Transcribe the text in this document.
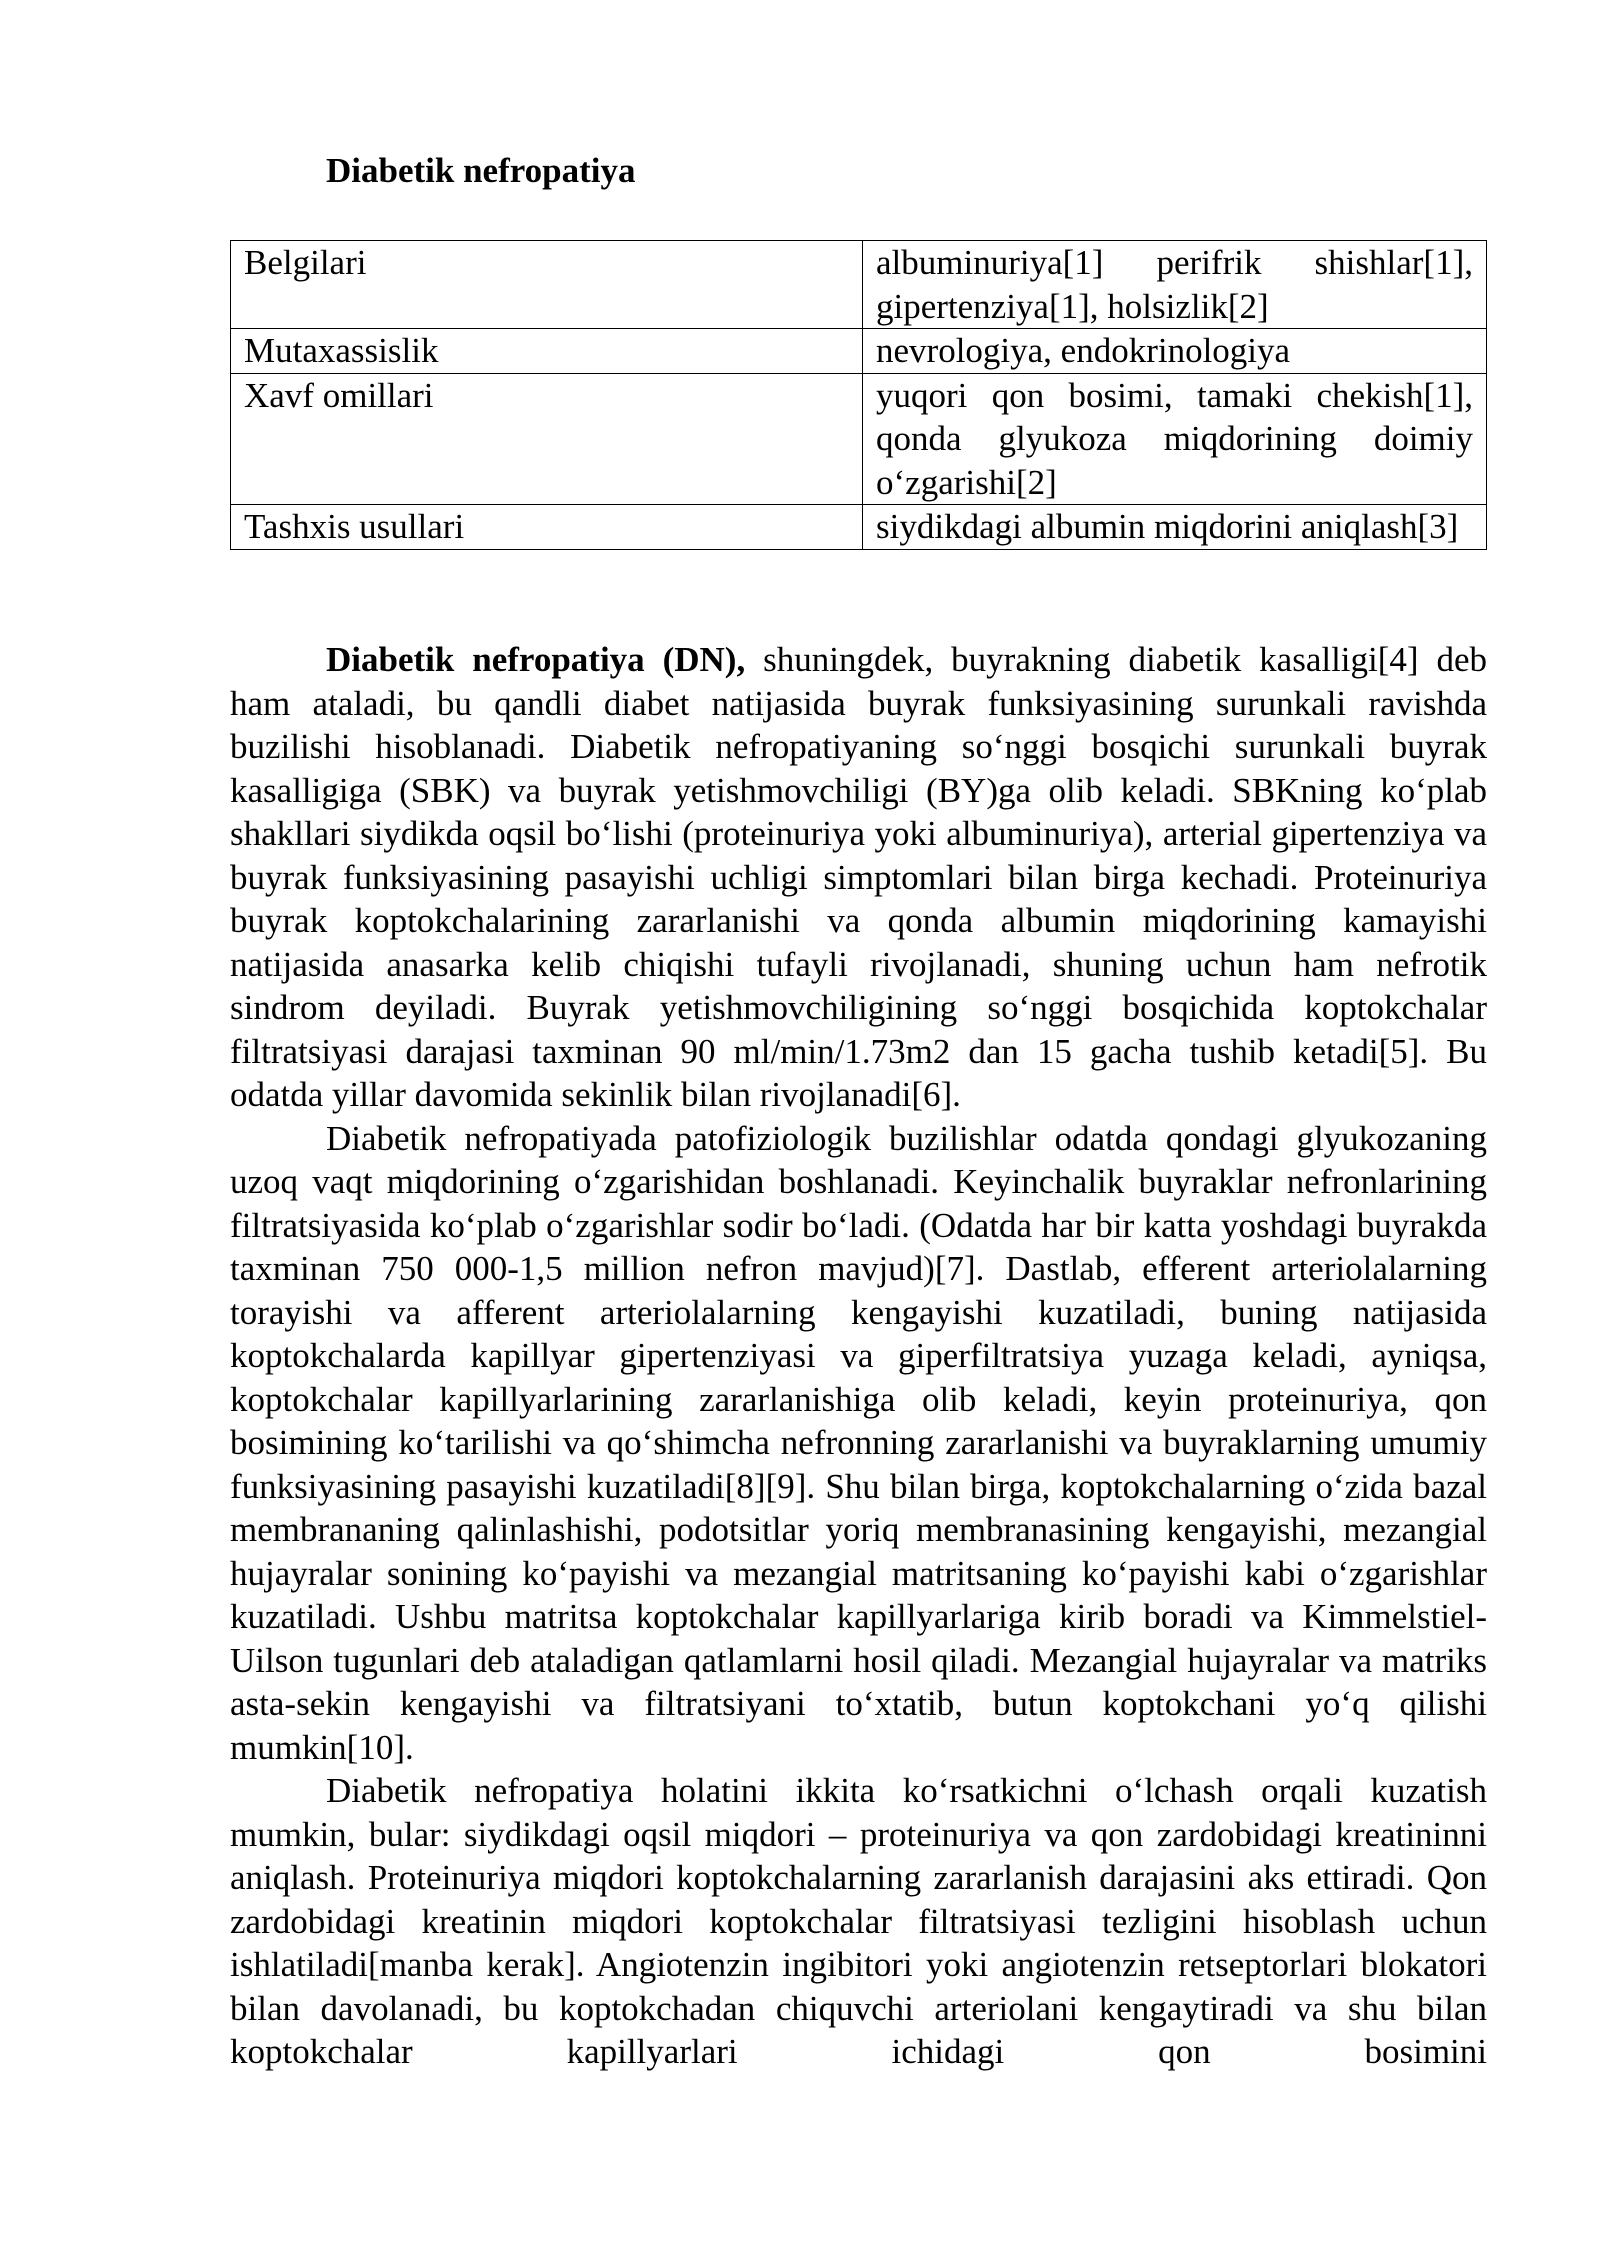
Diabetik nefropatiya
Belgilari	albuminuriya[1] perifrik shishlar[1], gipertenziya[1], holsizlik[2]
Mutaxassislik	nevrologiya, endokrinologiya
Xavf omillari	yuqori qon bosimi, tamaki chekish[1], qonda glyukoza miqdorining doimiy oʻzgarishi[2]
Tashxis usullari	siydikdagi albumin miqdorini aniqlash[3]

Diabetik nefropatiya (DN), shuningdek, buyrakning diabetik kasalligi[4] deb ham ataladi, bu qandli diabet natijasida buyrak funksiyasining surunkali ravishda buzilishi hisoblanadi. Diabetik nefropatiyaning soʻnggi bosqichi surunkali buyrak kasalligiga (SBK) va buyrak yetishmovchiligi (BY)ga olib keladi. SBKning koʻplab shakllari siydikda oqsil boʻlishi (proteinuriya yoki albuminuriya), arterial gipertenziya va buyrak funksiyasining pasayishi uchligi simptomlari bilan birga kechadi. Proteinuriya buyrak koptokchalarining zararlanishi va qonda albumin miqdorining kamayishi natijasida anasarka kelib chiqishi tufayli rivojlanadi, shuning uchun ham nefrotik sindrom deyiladi. Buyrak yetishmovchiligining soʻnggi bosqichida koptokchalar filtratsiyasi darajasi taxminan 90 ml/min/1.73m2 dan 15 gacha tushib ketadi[5]. Bu odatda yillar davomida sekinlik bilan rivojlanadi[6].

Diabetik nefropatiyada patofiziologik buzilishlar odatda qondagi glyukozaning uzoq vaqt miqdorining oʻzgarishidan boshlanadi. Keyinchalik buyraklar nefronlarining filtratsiyasida koʻplab oʻzgarishlar sodir boʻladi. (Odatda har bir katta yoshdagi buyrakda taxminan 750 000-1,5 million nefron mavjud)[7]. Dastlab, efferent arteriolalarning torayishi va afferent arteriolalarning kengayishi kuzatiladi, buning natijasida koptokchalarda kapillyar gipertenziyasi va giperfiltratsiya yuzaga keladi, ayniqsa, koptokchalar kapillyarlarining zararlanishiga olib keladi, keyin proteinuriya, qon bosimining koʻtarilishi va qoʻshimcha nefronning zararlanishi va buyraklarning umumiy funksiyasining pasayishi kuzatiladi[8][9]. Shu bilan birga, koptokchalarning oʻzida bazal membrananing qalinlashishi, podotsitlar yoriq membranasining kengayishi, mezangial hujayralar sonining koʻpayishi va mezangial matritsaning koʻpayishi kabi oʻzgarishlar kuzatiladi. Ushbu matritsa koptokchalar kapillyarlariga kirib boradi va Kimmelstiel-Uilson tugunlari deb ataladigan qatlamlarni hosil qiladi. Mezangial hujayralar va matriks asta-sekin kengayishi va filtratsiyani toʻxtatib, butun koptokchani yoʻq qilishi mumkin[10].

Diabetik nefropatiya holatini ikkita koʻrsatkichni oʻlchash orqali kuzatish mumkin, bular: siydikdagi oqsil miqdori – proteinuriya va qon zardobidagi kreatininni aniqlash. Proteinuriya miqdori koptokchalarning zararlanish darajasini aks ettiradi. Qon zardobidagi kreatinin miqdori koptokchalar filtratsiyasi tezligini hisoblash uchun ishlatiladi[manba kerak]. Angiotenzin ingibitori yoki angiotenzin retseptorlari blokatori bilan davolanadi, bu koptokchadan chiquvchi arteriolani kengaytiradi va shu bilan koptokchalar kapillyarlari ichidagi qon bosimini
